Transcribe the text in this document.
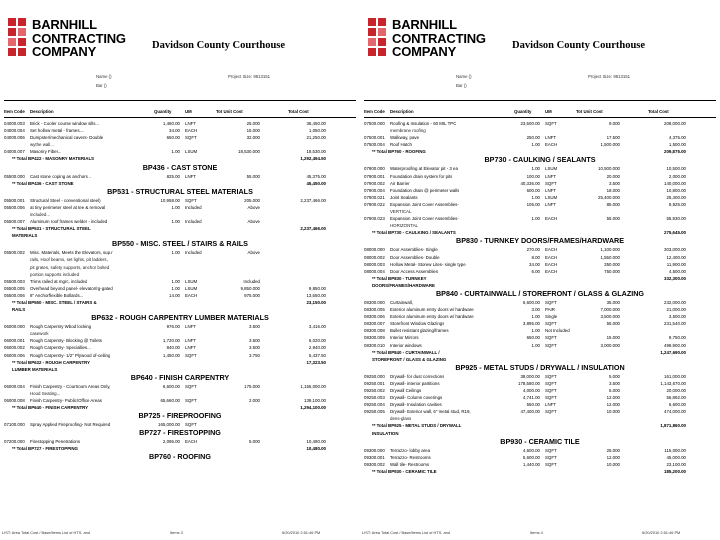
BARNHILL
CONTRACTING
COMPANY	Davidson County Courthouse
Name ()
Bar ()
Project Size: 9913151
Item Code Description	Quantity	UM	Tot Unit Cost	Total Cost
04000.003 Brick - Cooler course window sills...	1,460.00 LNFT	25.000	36,450.00
04000.004 Set hollow metal - frames....	34.00 EACH	15.000	1,050.00
04000.006 Dumpster/mechanical cavers- Double	650.00 SQFT	32.000	21,250.00
wythe wall...
04000.007 Masonry Fiber...	1.00 LSUM	18,530.000	18,530.00
** Total BP422 - MASONRY MATERIALS	1,292,494.50
BP436 - CAST STONE
05500.000 Cast stone coping as anchors ..	825.00 LNFT	55.000	45,375.00
** Total BP436 - CAST STONE	45,450.00
BP531 - STRUCTURAL STEEL MATERIALS
05500.001 Structural Steel - conventional steel)	10,958.00 SQFT	205.000	2,237,466.00
05500.006 at tiny perimeter steel at tee & removal	1.00 Included	Above
included...
05500.007 Aluminum roof frames welder - included	1.00 Included	Above
** Total BP531 - STRUCTURAL STEEL	2,237,466.00
MATERIALS
BP550 - MISC. STEEL / STAIRS & RAILS
05500.002 Misc. Materials, Meets the Elevators, sup.r	1.00 Included	Above
rails, Hoof beams, set lights, pit ladders,
pit grates, safety supports, anchor bolted
portion supports included
05500.003 Trims railed at mgrc. included	1.00 LSUM	Included
05500.005 Overhead beyond panel- elevator/rg-gated	1.00 LSUM	9,850.000	9,850.00
05500.006 8" Anchorflexible Bollards...	14.00 EACH	975.000	13,650.00
** Total BP550 - MISC. STEEL / STAIRS &	23,150.00
RAILS
BP632 - ROUGH CARPENTRY LUMBER MATERIALS
06000.000 Rough Carpentry Wbod locking	976.00 LNFT	3.500	3,416.00
casework
06000.001 Rough Carpentry- Blocking @ Toilets	1,720.00 LNFT	3.500	6,020.00
06000.002 Rough Carpentry- Speciallies...	840.00 LNFT	3.500	2,940.00
06000.006 Rough Carpentry- 1/2" Plywood of-ceiling	1,450.00 SQFT	3.750	5,437.50
** Total BP632 - ROUGH CARPENTRY	17,323.50
LUMBER MATERIALS
BP640 - FINISH CARPENTRY
06000.004 Finish Carpentry - Courtroom Areas Only,	6,600.00 SQFT	175.000	1,155,000.00
Hood Seating...
06000.008 Finish Carpentry- Public/Office Areas	65,660.00 SQFT	2.000	139,100.00
** Total BP640 - FINISH CARPENTRY	1,294,100.00
BP725 - FIREPROOFING
07100.000 Spray Applied Fireproofing- Not Required	165,000.00 SQFT
BP727 - FIRESTOPPING
07200.000 Firestopping Penetrations	2,096.00 EACH	5.000	10,480.00
** Total BP727 - FIRESTOPPING	10,480.00
BP760 - ROOFING
LIST: Area Total Cost / Base/Items List of HTS, and	Items 3	6/20/2010 2:51:46 PM
BARNHILL
CONTRACTING
COMPANY	Davidson County Courthouse
Name ()
Bar ()
Project Size: 9913151
Item Code Description	Quantity	UM	Tot Unit Cost	Total Cost
07500.000 Roofing & Insulation - 60 MIL TPC	23,500.00 SQFT	9.000	208,000.00
membrane roofing
07500.001 Walkway, pave	250.00 LNFT	17.500	4,375.00
07500.004 Roof Hatch	1.00 EACH	1,500.000	1,500.00
** Total BP760 - ROOFING	209,875.00
BP730 - CAULKING / SEALANTS
07900.000 Waterproofing at Elevator pit - 3 ea	1.00 LSUM	10,500.000	10,500.00
07900.001 Foundation drain system for pits	100.00 LNFT	20.000	2,000.00
07900.002 Air Barrier	40,336.00 SQFT	3.500	140,000.00
07900.004 Foundation drain @ perimeter walls	600.00 LNFT	18.000	10,800.00
07900.021 Joint Sealants	1.00 LSUM	25,400.000	25,400.00
07900.022 Expansion Joint Cover Assemblies-	105.00 LNFT	85.000	8,925.00
VERTICAL
07900.023 Expansion Joint Cover Assemblies-	1.00 EACH	55.000	55,930.00
HORIZONTAL
** Total BP730 - CAULKING / SEALANTS	275,645.00
BP830 - TURNKEY DOORS/FRAMES/HARDWARE
08000.000 Door Assemblies- Single	270.00 EACH	1,100.000	303,000.00
08000.002 Door Assemblies- Double	8.00 EACH	1,550.000	12,400.00
08000.003 Hollow Metal- Storew Lites- single type	34.00 EACH	350.000	11,900.00
08000.004 Door Access Assemblies	6.00 EACH	750.000	4,500.00
** Total BP830 - TURNKEY	332,300.00
DOORS/FRAMES/HARDWARE
BP840 - CURTAINWALL / STOREFRONT / GLASS & GLAZING
08300.000 Curtainwall,	6,600.00 SQFT	35.000	232,000.00
08300.005 Exterior aluminum entry doors w/ hardware	3.00 PAIR	7,000.000	21,000.00
08300.006 Exterior aluminum entry doors w/ hardware	1.00 Single	3,500.000	3,500.00
08300.007 Storefront Window Glazings	3,895.00 SQFT	55.000	231,540.00
08300.008 Bullet resistant glazing/frames	1.00 Not Included
08300.009 Interior Mirrors	650.00 SQFT	15.000	9,750.00
08300.010 Interior windows	1.00 SQFT	3,000.000	499,900.00
** Total BP840 - CURTAINWALL /	1,247,690.00
STOREFRONT / GLASS & GLAZING
BP925 - METAL STUDS / DRYWALL / INSULATION
09250.000 Drywall- for dust corrections	38,000.00 SQFT	5.000	161,000.00
09250.001 Drywall- interior partitions	178,580.00 SQFT	3.500	1,143,670.00
09250.002 Drywall Ceilings	4,000.00 SQFT	5.000	20,000.00
09250.003 Drywall- Column coverings	4,741.00 SQFT	12.000	56,892.00
09250.004 Drywall- Insulation cavities	550.00 LNFT	12.000	6,600.00
09250.005 Drywall- Exterior wall, 6" metal stud, R19,	47,400.00 SQFT	10.000	474,000.00
dens-glass
** Total BP925 - METAL STUDS / DRYWALL	1,871,860.00
INSULATION
BP930 - CERAMIC TILE
09300.000 Terrazzo- lobby area	4,600.00 SQFT	25.000	115,000.00
09300.001 Terrazzo- Restrooms	5,600.00 SQFT	12.000	45,000.00
09300.002 Wall tile- Restrooms	1,440.00 SQFT	10.000	23,100.00
** Total BP930 - CERAMIC TILE	185,200.00
LIST: Area Total Cost / Base/Items List of HTS, and	Items 4	6/20/2010 2:51:46 PM
